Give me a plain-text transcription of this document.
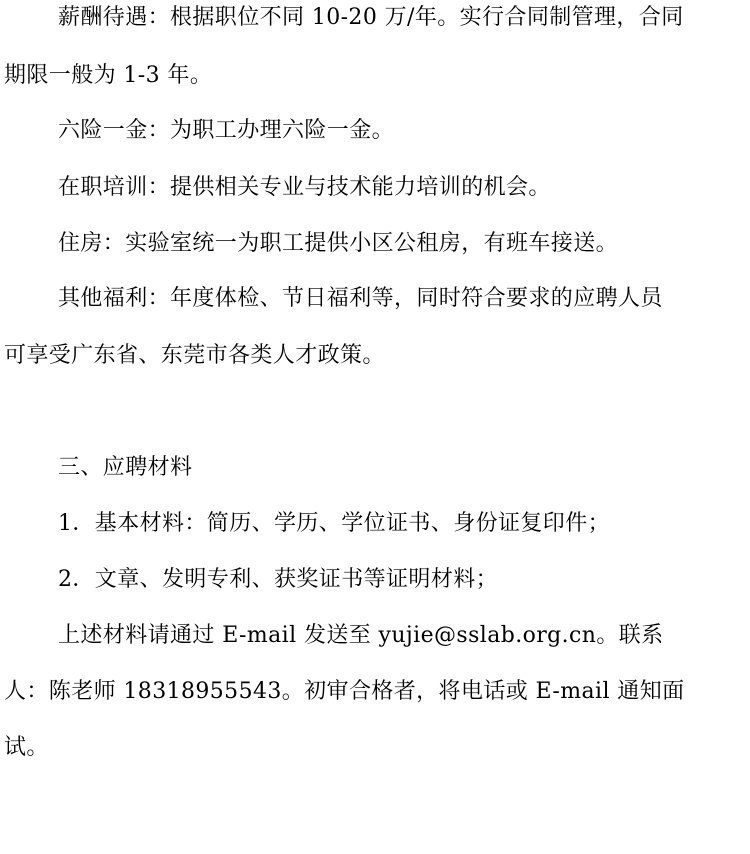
薪酬待遇：根据职位不同 10-20 万/年。实行合同制管理，合同
期限一般为 1-3 年。
六险一金：为职工办理六险一金。
在职培训：提供相关专业与技术能力培训的机会。
住房：实验室统一为职工提供小区公租房，有班车接送。
其他福利：年度体检、节日福利等，同时符合要求的应聘人员
可享受广东省、东莞市各类人才政策。
三、应聘材料
1．基本材料：简历、学历、学位证书、身份证复印件；
2．文章、发明专利、获奖证书等证明材料；
上述材料请通过 E-mail 发送至 yujie@sslab.org.cn。联系
人：陈老师 18318955543。初审合格者，将电话或 E-mail 通知面
试。
